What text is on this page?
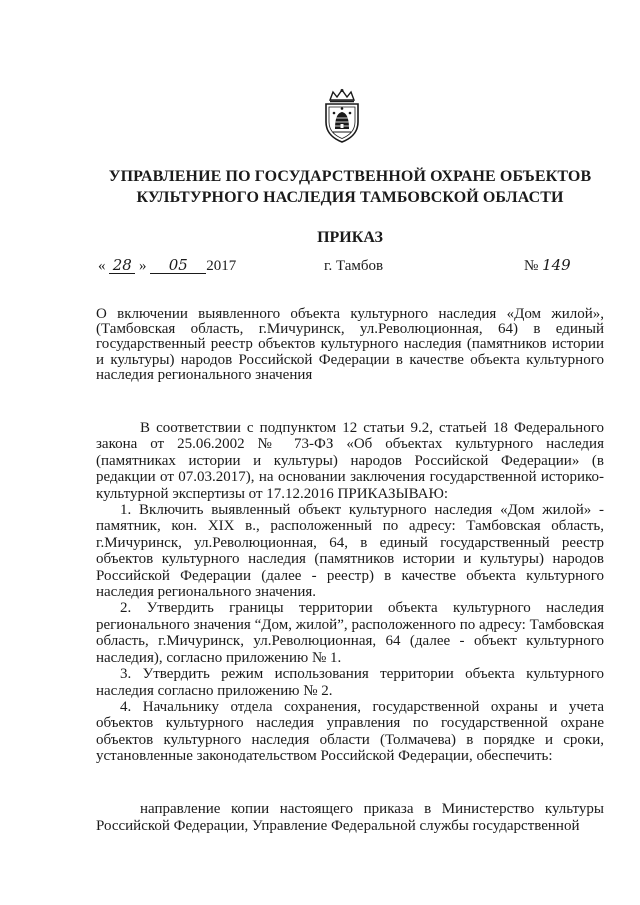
УПРАВЛЕНИЕ ПО ГОСУДАРСТВЕННОЙ ОХРАНЕ ОБЪЕКТОВ
КУЛЬТУРНОГО НАСЛЕДИЯ ТАМБОВСКОЙ ОБЛАСТИ
ПРИКАЗ
« 28 » 05 2017	г. Тамбов	№ 149
О включении выявленного объекта культурного наследия «Дом жилой», (Тамбовская область, г.Мичуринск, ул.Революционная, 64) в единый государственный реестр объектов культурного наследия (памятников истории и культуры) народов Российской Федерации в качестве объекта культурного наследия регионального значения

В соответствии с подпунктом 12 статьи 9.2, статьей 18 Федерального закона от 25.06.2002 № 73-ФЗ «Об объектах культурного наследия (памятниках истории и культуры) народов Российской Федерации» (в редакции от 07.03.2017), на основании заключения государственной историко-культурной экспертизы от 17.12.2016 ПРИКАЗЫВАЮ:

1. Включить выявленный объект культурного наследия «Дом жилой» - памятник, кон. XIX в., расположенный по адресу: Тамбовская область, г.Мичуринск, ул.Революционная, 64, в единый государственный реестр объектов культурного наследия (памятников истории и культуры) народов Российской Федерации (далее - реестр) в качестве объекта культурного наследия регионального значения.

2. Утвердить границы территории объекта культурного наследия регионального значения “Дом, жилой”, расположенного по адресу: Тамбовская область, г.Мичуринск, ул.Революционная, 64 (далее - объект культурного наследия), согласно приложению № 1.

3. Утвердить режим использования территории объекта культурного наследия согласно приложению № 2.

4. Начальнику отдела сохранения, государственной охраны и учета объектов культурного наследия управления по государственной охране объектов культурного наследия области (Толмачева) в порядке и сроки, установленные законодательством Российской Федерации, обеспечить:

направление копии настоящего приказа в Министерство культуры Российской Федерации, Управление Федеральной службы государственной
